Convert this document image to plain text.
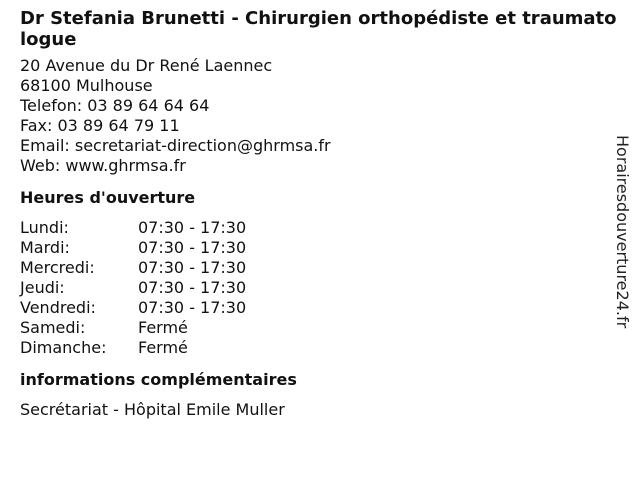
Dr Stefania Brunetti - Chirurgien orthopédiste et traumatologue
20 Avenue du Dr René Laennec
68100 Mulhouse
Telefon: 03 89 64 64 64
Fax: 03 89 64 79 11
Email: secretariat-direction@ghrmsa.fr
Web: www.ghrmsa.fr
Heures d'ouverture
Lundi:	07:30 - 17:30
Mardi:	07:30 - 17:30
Mercredi:	07:30 - 17:30
Jeudi:	07:30 - 17:30
Vendredi:	07:30 - 17:30
Samedi:	Fermé
Dimanche:	Fermé
informations complémentaires
Secrétariat - Hôpital Emile Muller
Horairesdouverture24.fr
